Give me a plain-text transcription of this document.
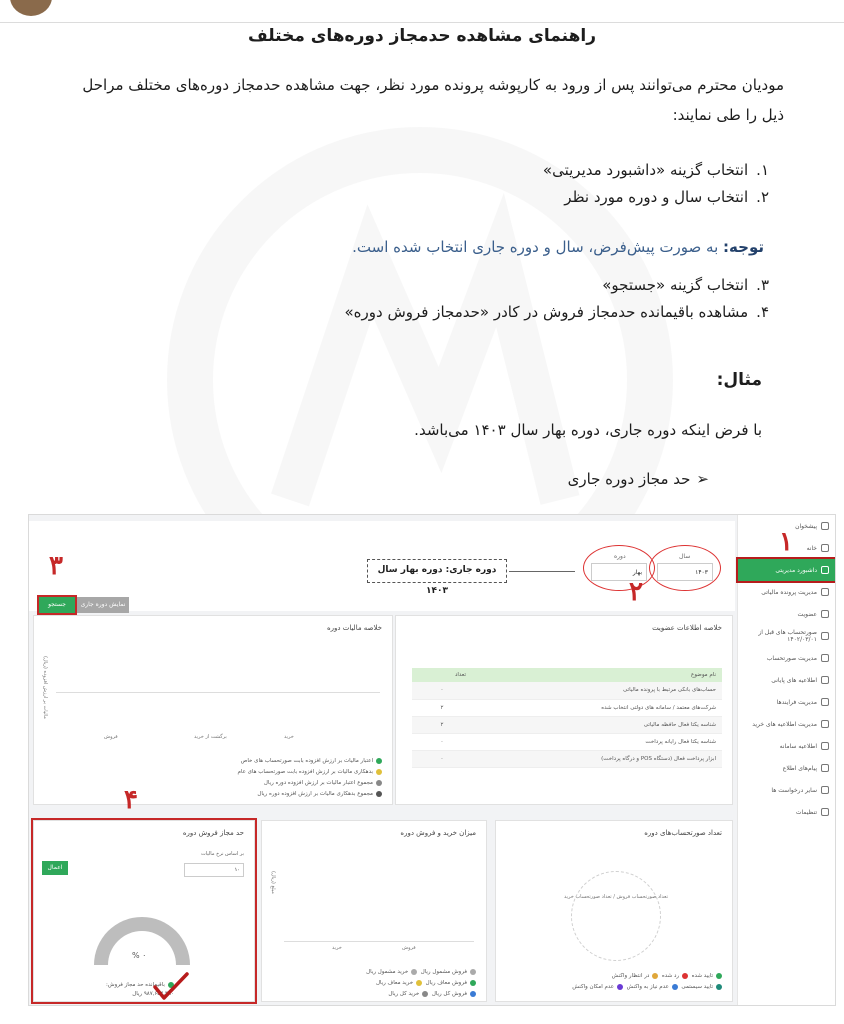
راهنمای مشاهده حدمجاز دوره‌های مختلف

مودیان محترم می‌توانند پس از ورود به کارپوشه پرونده مورد نظر، جهت مشاهده حدمجاز دوره‌های مختلف مراحل ذیل را طی نمایند:

۱.
انتخاب گزینه «داشبورد مدیریتی»
۲.
انتخاب سال و دوره مورد نظر
توجه: به صورت پیش‌فرض، سال و دوره جاری انتخاب شده است.
۳.
انتخاب گزینه «جستجو»
۴.
مشاهده باقیمانده حدمجاز فروش در کادر «حدمجاز فروش دوره»
مثال:
با فرض اینکه دوره جاری، دوره بهار سال ۱۴۰۳ می‌باشد.
➢
حد مجاز دوره جاری
پیشخوان
خانه
داشبورد مدیریتی
مدیریت پرونده مالیاتی
عضویت
صورتحساب های قبل از ۱۴۰۲/۰۳/۰۱
مدیریت صورتحساب
اطلاعیه های پایانی
مدیریت فرایندها
مدیریت اطلاعیه های خرید
اطلاعیه سامانه
پیام‌های اطلاع
سایر درخواست ها
تنظیمات
۱
سال
۱۴۰۳
دوره
بهار
دوره جاری: دوره بهار سال ۱۴۰۳	۲
۳
جستجو	نمایش دوره جاری
خلاصه اطلاعات عضویت
نام موضوع	تعداد
حساب‌های بانکی مرتبط با پرونده مالیاتی	۰
شرکت‌های معتمد / سامانه های دولتی انتخاب شده	۲
شناسه یکتا فعال حافظه مالیاتی	۲
شناسه یکتا فعال رایانه پرداخت	۰
ابزار پرداخت فعال (دستگاه POS و درگاه پرداخت)	۰
خلاصه مالیات دوره
مالیات بر ارزش افزوده (ریال)
فروش	برگشت از خرید	خرید
اعتبار مالیات بر ارزش افزوده بابت صورتحساب های خاص
بدهکاری مالیات بر ارزش افزوده بابت صورتحساب های عام
مجموع اعتبار مالیات بر ارزش افزوده دوره ریال
مجموع بدهکاری مالیات بر ارزش افزوده دوره ریال
تعداد صورتحساب‌های دوره
تعداد صورتحساب فروش / تعداد صورتحساب خرید
تایید شده  رد شده  در انتظار واکنش
تایید سیستمی  عدم نیاز به واکنش  عدم امکان واکنش
میزان خرید و فروش دوره
مبلغ (ریال)
فروش
خرید
فروش مشمول ریال  خرید مشمول ریال
فروش معاف ریال  خرید معاف ریال
فروش کل ریال  خرید کل ریال
حد مجاز فروش دوره
۴
بر اساس نرخ مالیات
۱۰
اعمال
۰ %
باقیمانده حد مجاز فروش:
۹۸۷,۶۵۴,۴۸۰ ریال
